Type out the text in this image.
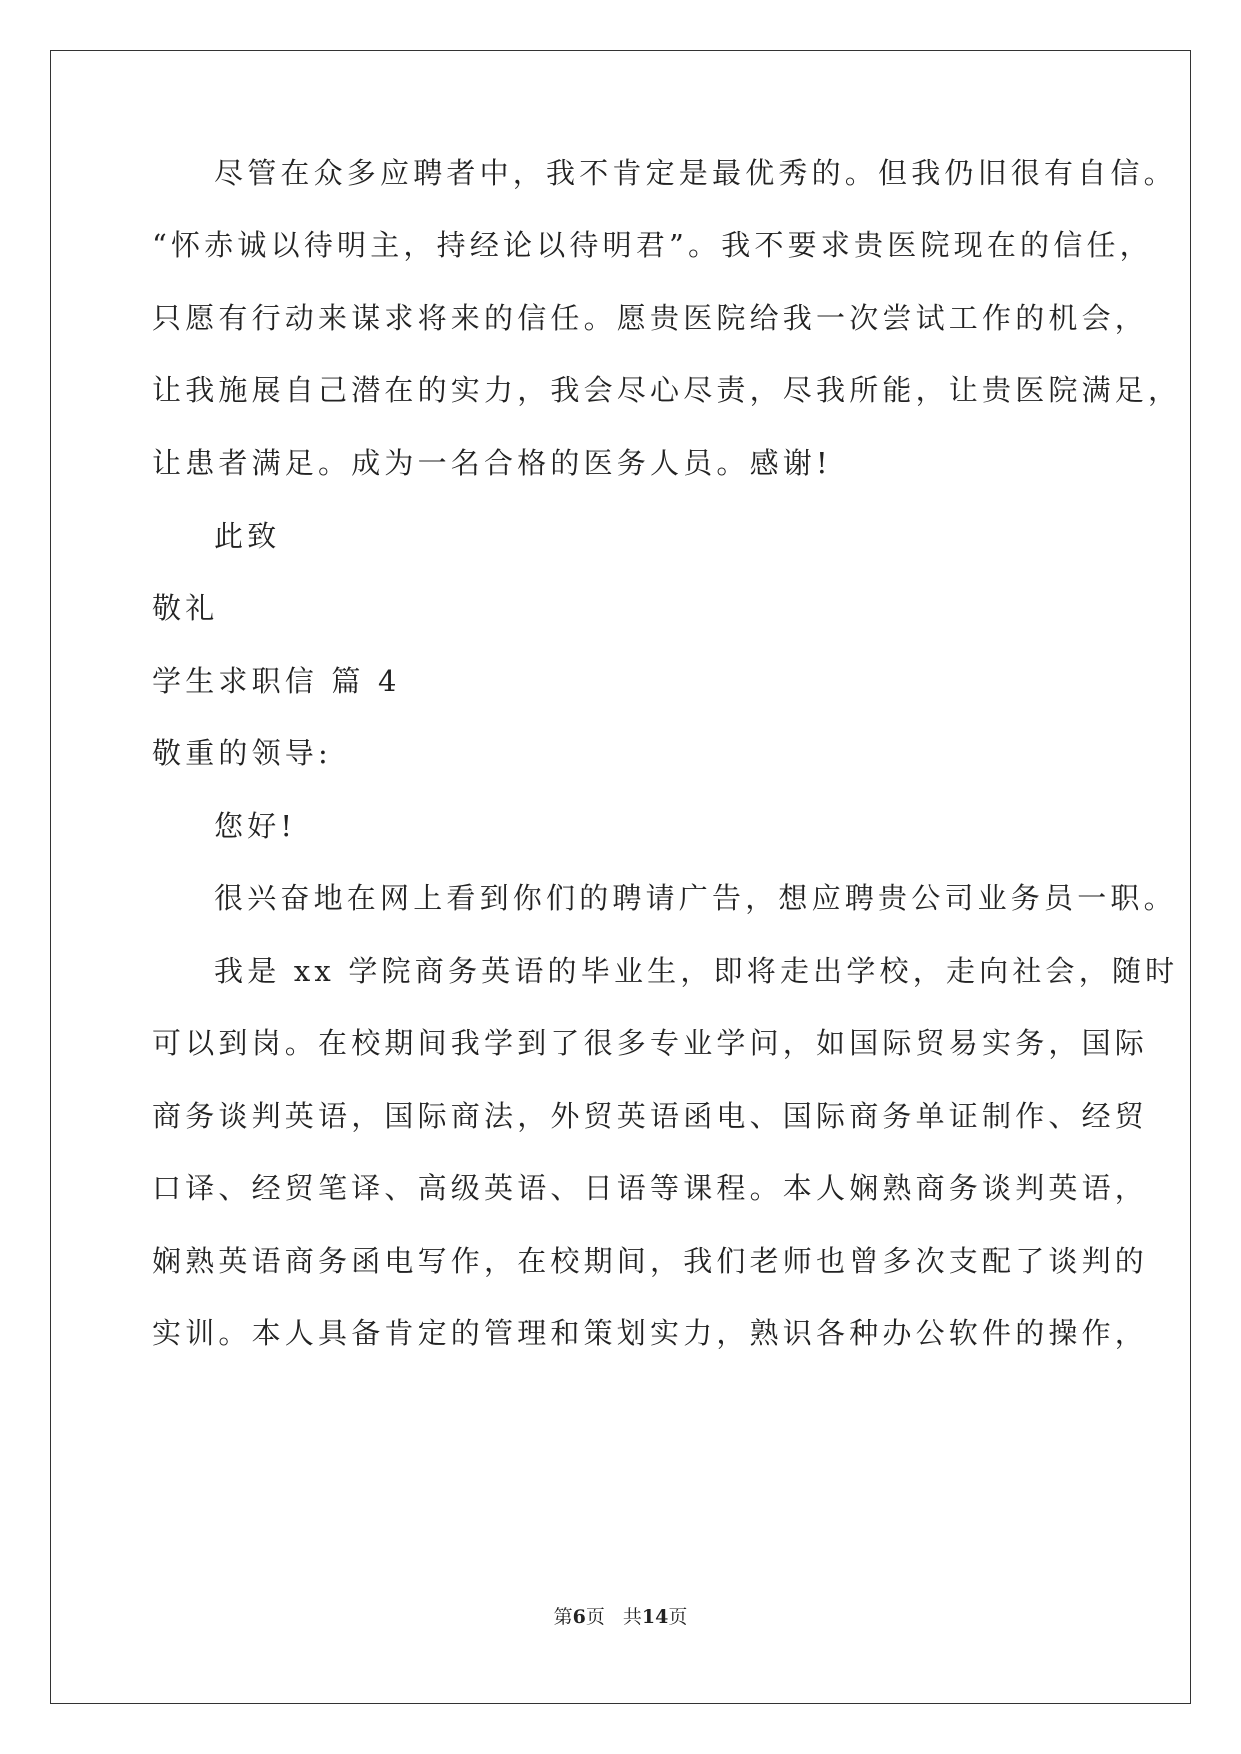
尽管在众多应聘者中，我不肯定是最优秀的。但我仍旧很有自信。
“怀赤诚以待明主，持经论以待明君”。我不要求贵医院现在的信任，
只愿有行动来谋求将来的信任。愿贵医院给我一次尝试工作的机会，
让我施展自己潜在的实力，我会尽心尽责，尽我所能，让贵医院满足，
让患者满足。成为一名合格的医务人员。感谢!
此致
敬礼
学生求职信 篇 4
敬重的领导:
您好!
很兴奋地在网上看到你们的聘请广告，想应聘贵公司业务员一职。
我是 xx 学院商务英语的毕业生，即将走出学校，走向社会，随时
可以到岗。在校期间我学到了很多专业学问，如国际贸易实务，国际
商务谈判英语，国际商法，外贸英语函电、国际商务单证制作、经贸
口译、经贸笔译、高级英语、日语等课程。本人娴熟商务谈判英语，
娴熟英语商务函电写作，在校期间，我们老师也曾多次支配了谈判的
实训。本人具备肯定的管理和策划实力，熟识各种办公软件的操作，
第6页 共14页
